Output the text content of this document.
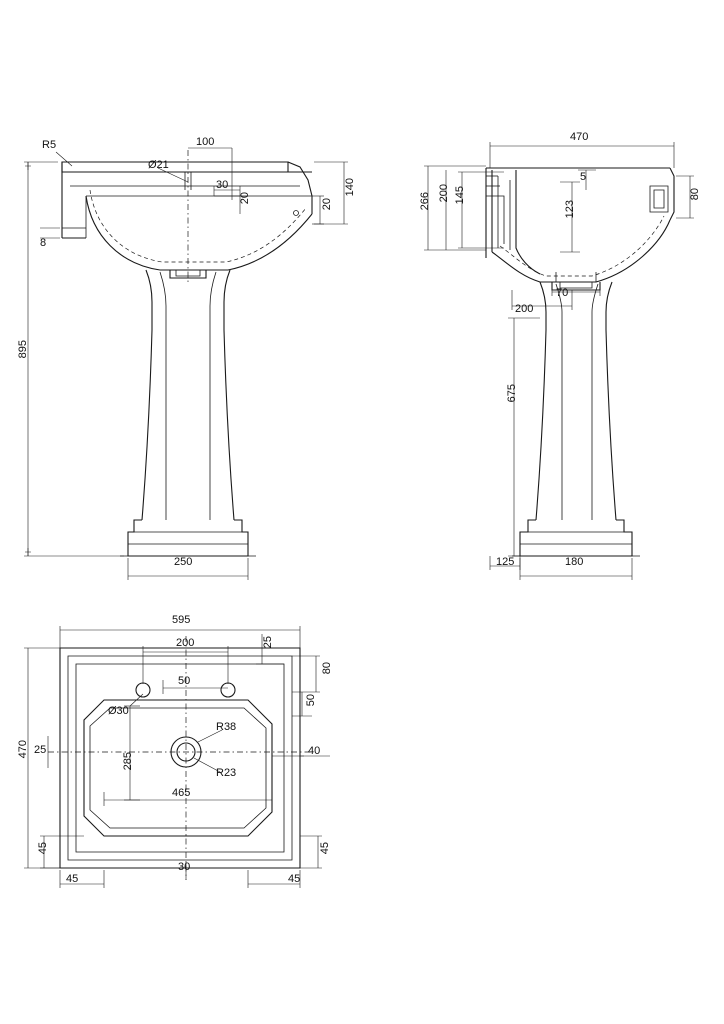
R5
Ø21
100
30
20
140
20
8
895
250
470
5
80
145
200
266	123
70
200
675
125	180
595
200	25
50
80
50
Ø30
R38
R23
40
470 25
285
465
45
45
45
45
30
